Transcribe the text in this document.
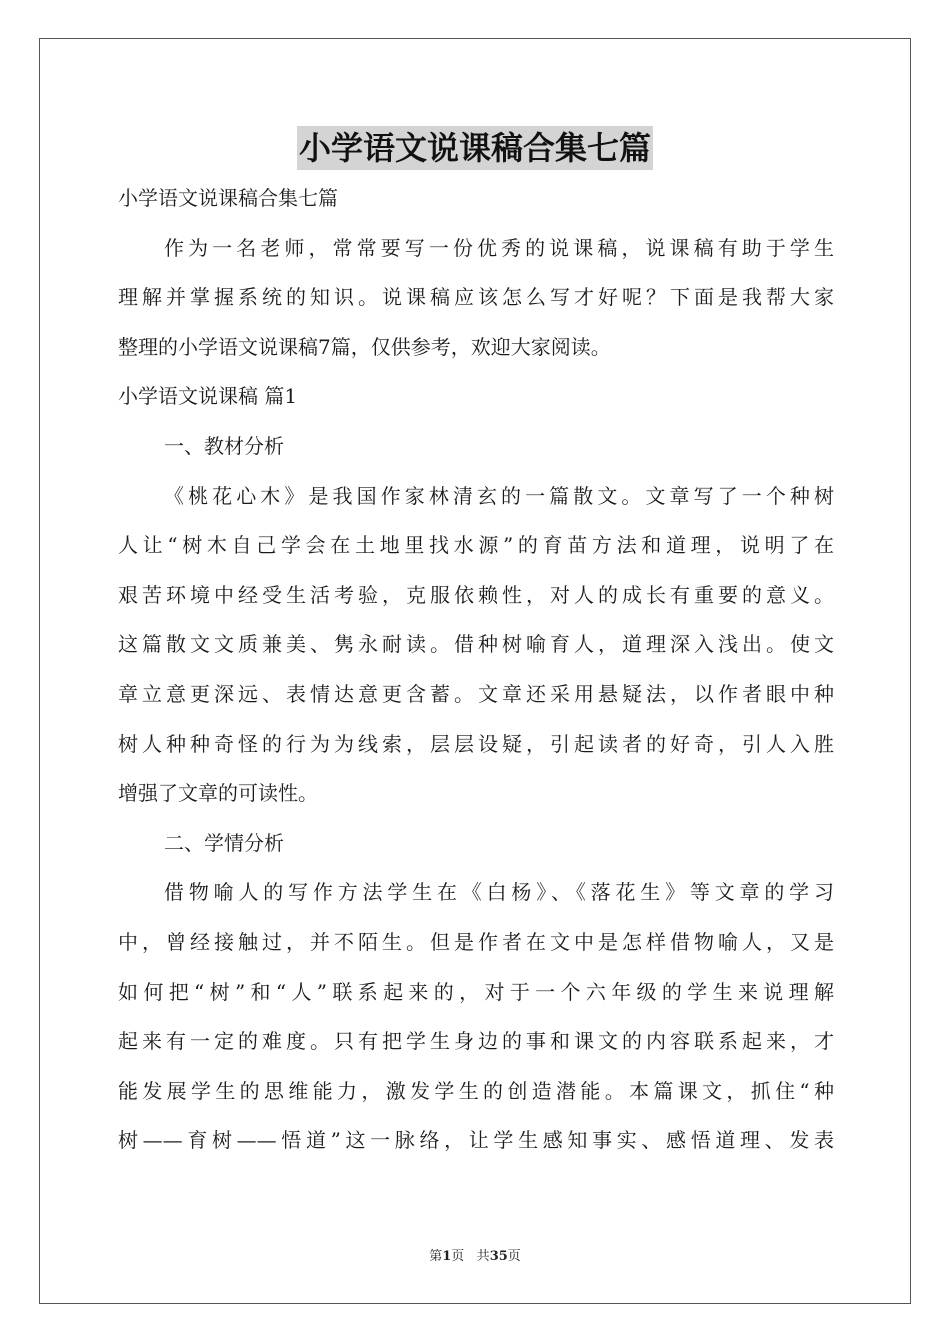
小学语文说课稿合集七篇
小学语文说课稿合集七篇
作为一名老师，常常要写一份优秀的说课稿，说课稿有助于学生
理解并掌握系统的知识。说课稿应该怎么写才好呢？下面是我帮大家
整理的小学语文说课稿7篇，仅供参考，欢迎大家阅读。
小学语文说课稿 篇1
一、教材分析
《桃花心木》是我国作家林清玄的一篇散文。文章写了一个种树
人让“树木自己学会在土地里找水源”的育苗方法和道理，说明了在
艰苦环境中经受生活考验，克服依赖性，对人的成长有重要的意义。
这篇散文文质兼美、隽永耐读。借种树喻育人，道理深入浅出。使文
章立意更深远、表情达意更含蓄。文章还采用悬疑法，以作者眼中种
树人种种奇怪的行为为线索，层层设疑，引起读者的好奇，引人入胜
增强了文章的可读性。
二、学情分析
借物喻人的写作方法学生在《白杨》、《落花生》等文章的学习
中，曾经接触过，并不陌生。但是作者在文中是怎样借物喻人，又是
如何把“树”和“人”联系起来的，对于一个六年级的学生来说理解
起来有一定的难度。只有把学生身边的事和课文的内容联系起来，才
能发展学生的思维能力，激发学生的创造潜能。本篇课文，抓住“种
树——育树——悟道”这一脉络，让学生感知事实、感悟道理、发表
第1页 共35页
